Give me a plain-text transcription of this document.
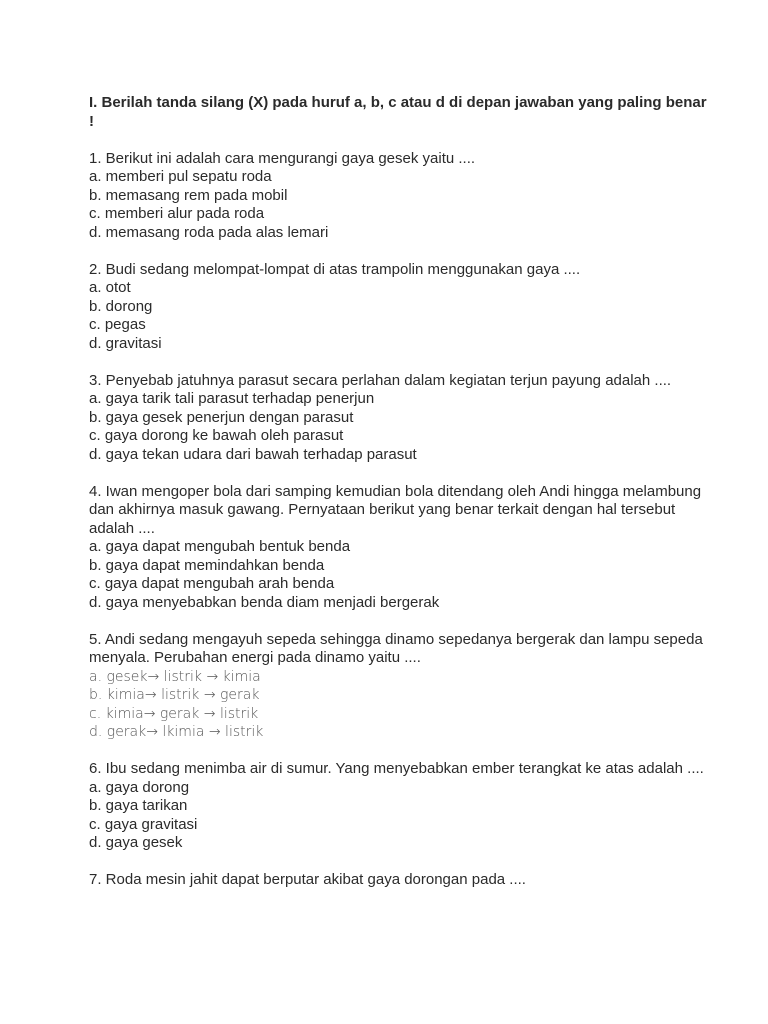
I. Berilah tanda silang (X) pada huruf a, b, c atau d di depan jawaban yang paling benar !

1. Berikut ini adalah cara mengurangi gaya gesek yaitu ....

a. memberi pul sepatu roda
b. memasang rem pada mobil
c. memberi alur pada roda
d. memasang roda pada alas lemari

2. Budi sedang melompat-lompat di atas trampolin menggunakan gaya ....

a. otot
b. dorong
c. pegas
d. gravitasi

3. Penyebab jatuhnya parasut secara perlahan dalam kegiatan terjun payung adalah ....

a. gaya tarik tali parasut terhadap penerjun
b. gaya gesek penerjun dengan parasut
c. gaya dorong ke bawah oleh parasut
d. gaya tekan udara dari bawah terhadap parasut

4. Iwan mengoper bola dari samping kemudian bola ditendang oleh Andi hingga melambung dan akhirnya masuk gawang. Pernyataan berikut yang benar terkait dengan hal tersebut adalah ....

a. gaya dapat mengubah bentuk benda
b. gaya dapat memindahkan benda
c. gaya dapat mengubah arah benda
d. gaya menyebabkan benda diam menjadi bergerak

5. Andi sedang mengayuh sepeda sehingga dinamo sepedanya bergerak dan lampu sepeda menyala. Perubahan energi pada dinamo yaitu ....

a. gesek→ listrik → kimia
b. kimia→ listrik → gerak
c. kimia→ gerak → listrik
d. gerak→ lkimia → listrik

6. Ibu sedang menimba air di sumur. Yang menyebabkan ember terangkat ke atas adalah ....

a. gaya dorong
b. gaya tarikan
c. gaya gravitasi
d. gaya gesek

7. Roda mesin jahit dapat berputar akibat gaya dorongan pada ....
